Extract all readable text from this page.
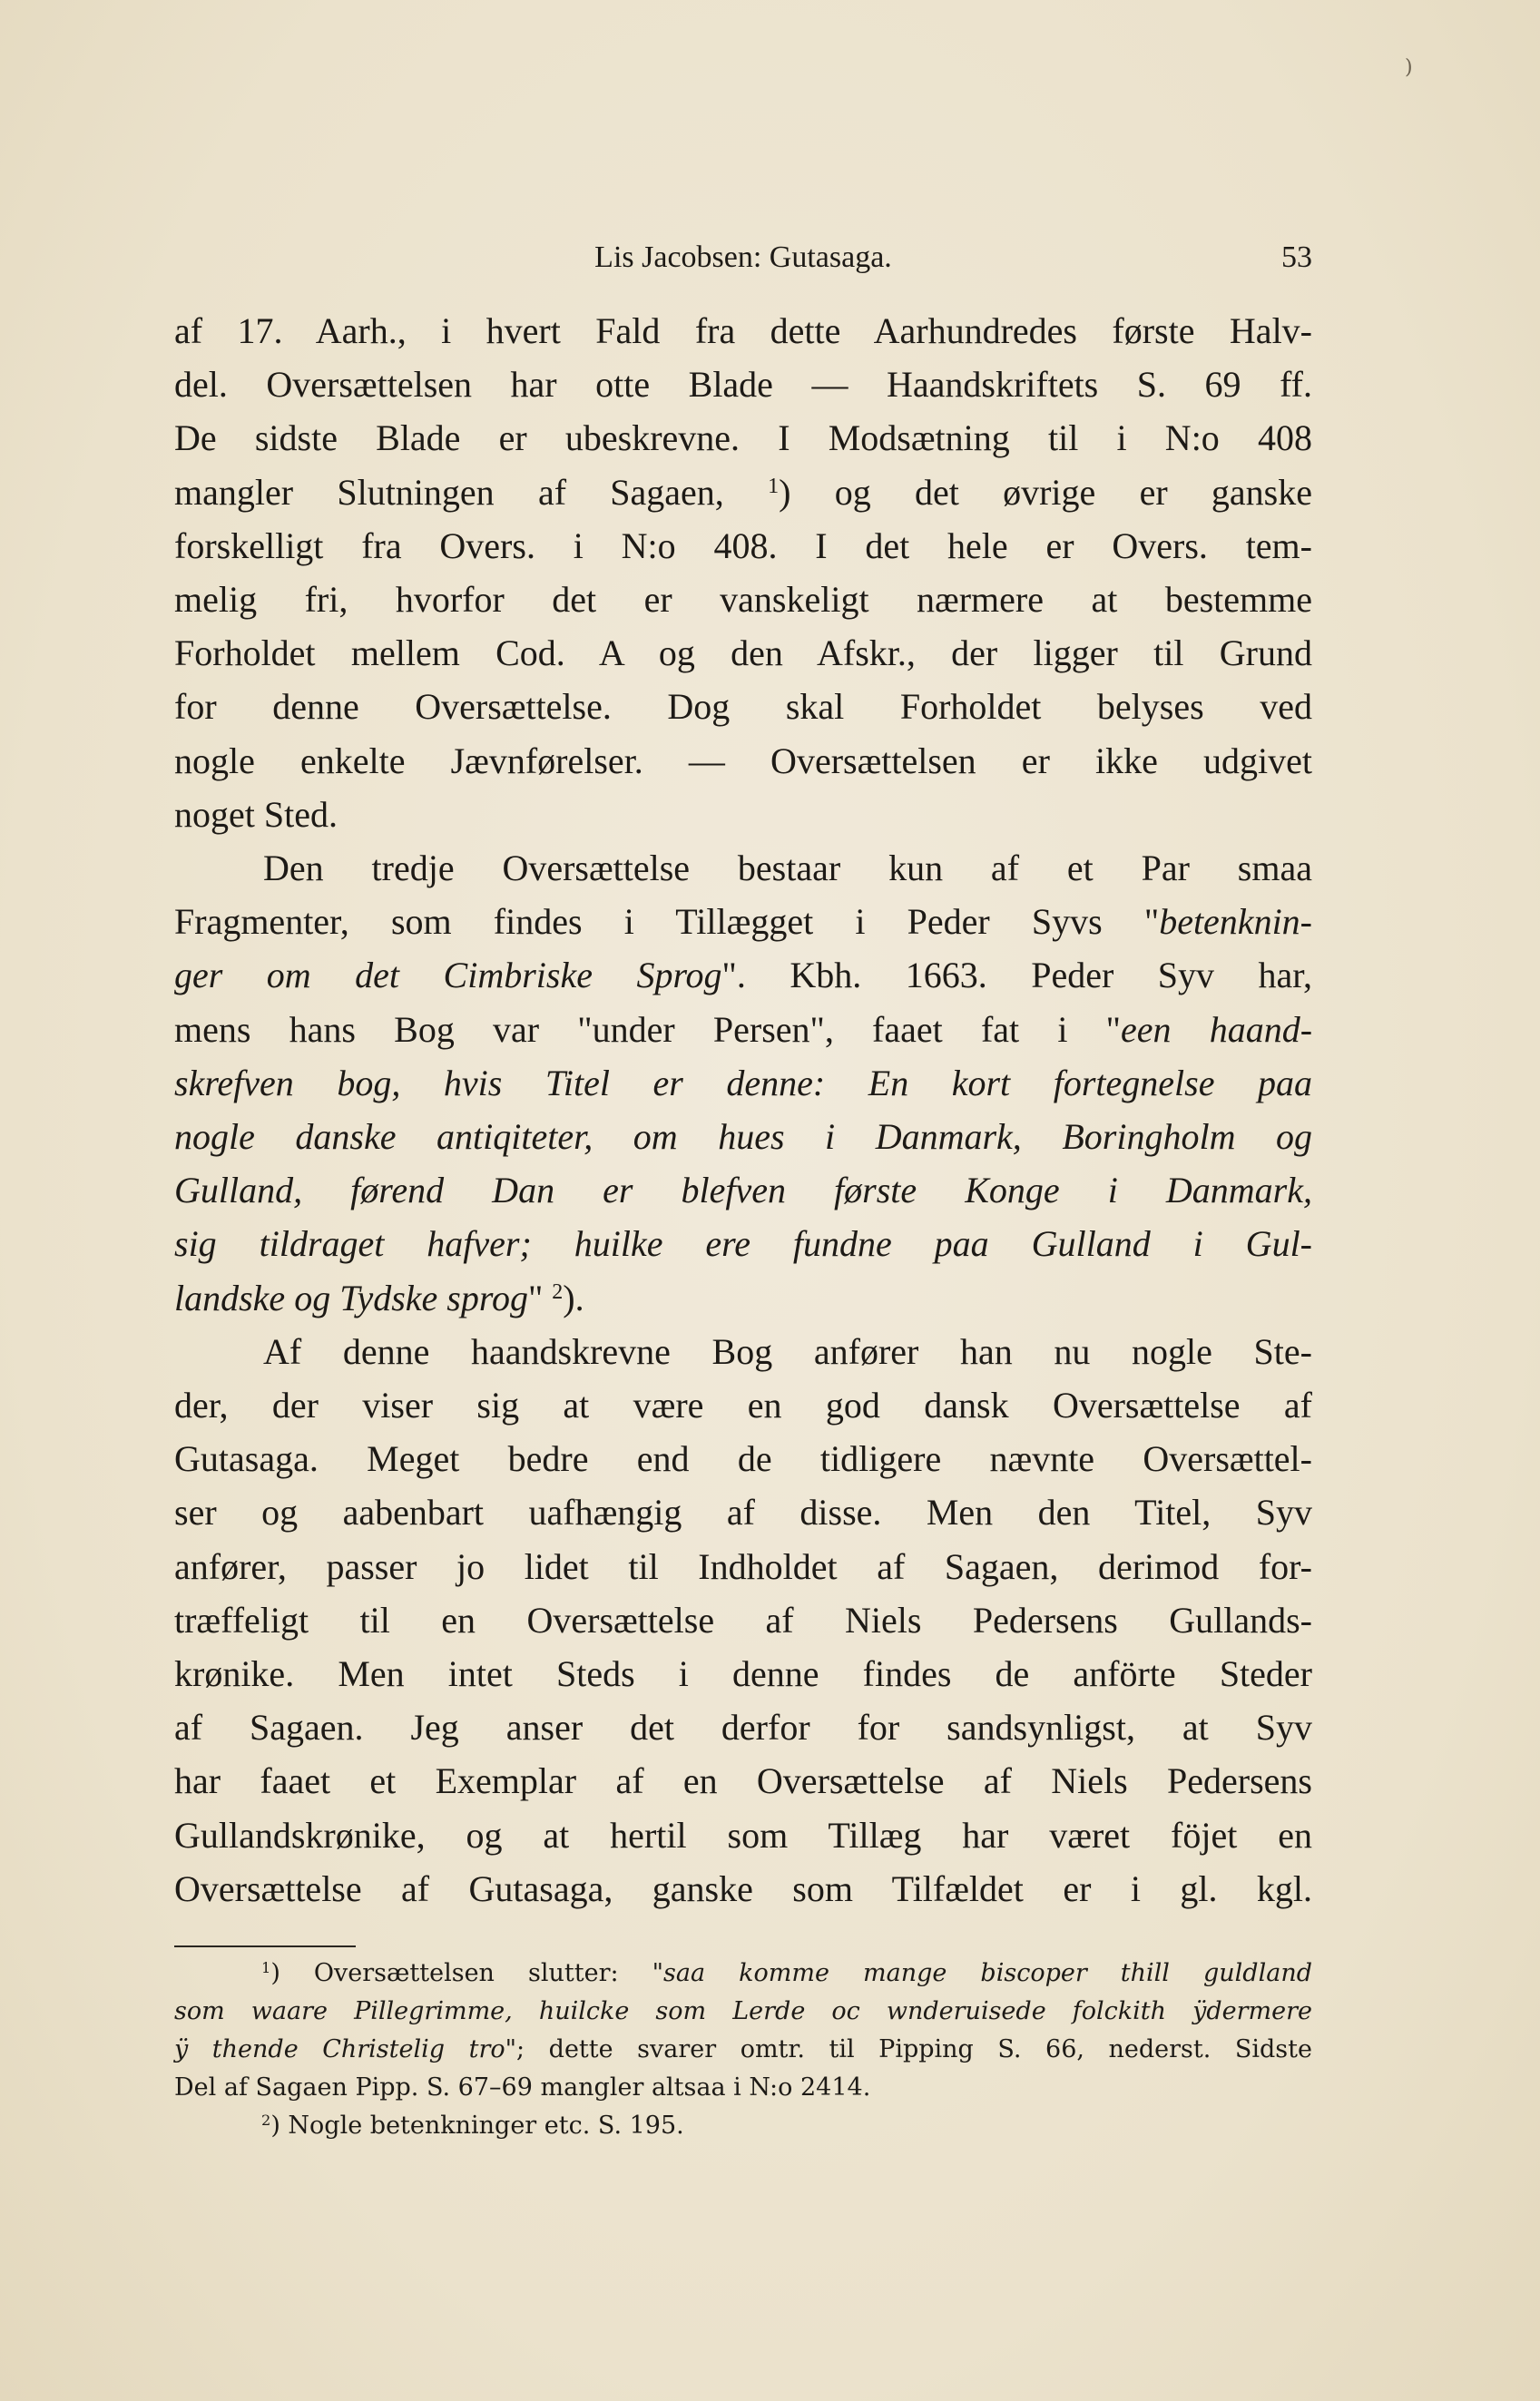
)
Lis Jacobsen: Gutasaga.	53

af 17. Aarh., i hvert Fald fra dette Aarhundredes første Halv-
del. Oversættelsen har otte Blade — Haandskriftets S. 69 ff.
De sidste Blade er ubeskrevne. I Modsætning til i N:o 408
mangler Slutningen af Sagaen, $^1$) og det øvrige er ganske
forskelligt fra Overs. i N:o 408. I det hele er Overs. tem-
melig fri, hvorfor det er vanskeligt nærmere at bestemme
Forholdet mellem Cod. A og den Afskr., der ligger til Grund
for denne Oversættelse. Dog skal Forholdet belyses ved
nogle enkelte Jævnførelser. — Oversættelsen er ikke udgivet
noget Sted.

Den tredje Oversættelse bestaar kun af et Par smaa
Fragmenter, som findes i Tillægget i Peder Syvs "betenknin-
ger om det Cimbriske Sprog". Kbh. 1663. Peder Syv har,
mens hans Bog var "under Persen", faaet fat i "een haand-
skrefven bog, hvis Titel er denne: En kort fortegnelse paa
nogle danske antiqiteter, om hues i Danmark, Boringholm og
Gulland, førend Dan er blefven første Konge i Danmark,
sig tildraget hafver; huilke ere fundne paa Gulland i Gul-
landske og Tydske sprog" $^2$).

Af denne haandskrevne Bog anfører han nu nogle Ste-
der, der viser sig at være en god dansk Oversættelse af
Gutasaga. Meget bedre end de tidligere nævnte Oversættel-
ser og aabenbart uafhængig af disse. Men den Titel, Syv
anfører, passer jo lidet til Indholdet af Sagaen, derimod for-
træffeligt til en Oversættelse af Niels Pedersens Gullands-
krønike. Men intet Steds i denne findes de anförte Steder
af Sagaen. Jeg anser det derfor for sandsynligst, at Syv
har faaet et Exemplar af en Oversættelse af Niels Pedersens
Gullandskrønike, og at hertil som Tillæg har været föjet en
Oversættelse af Gutasaga, ganske som Tilfældet er i gl. kgl.

$^1$) Oversættelsen slutter: "saa komme mange biscoper thill guldland
som waare Pillegrimme, huilcke som Lerde oc wnderuisede folckith ÿdermere
ÿ thende Christelig tro"; dette svarer omtr. til Pipping S. 66, nederst. Sidste
Del af Sagaen Pipp. S. 67–69 mangler altsaa i N:o 2414.
$^2$) Nogle betenkninger etc. S. 195.
